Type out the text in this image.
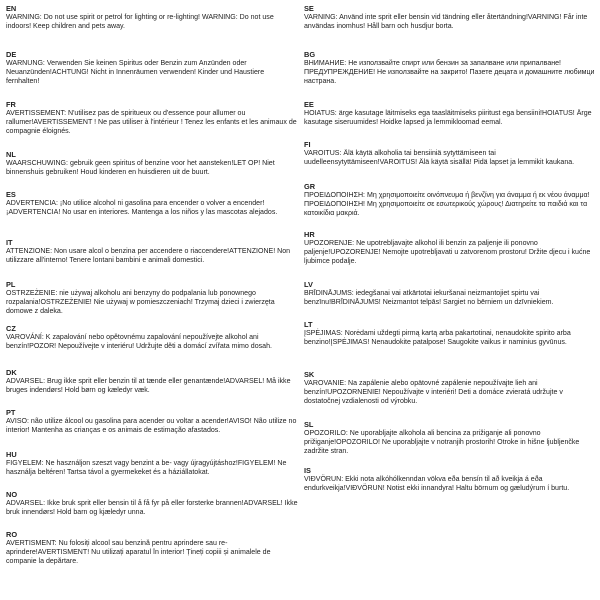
EN

WARNING: Do not use spirit or petrol for lighting or re-lighting! WARNING: Do not use indoors! Keep children and pets away.

DE

WARNUNG: Verwenden Sie keinen Spiritus oder Benzin zum Anzünden oder Neuanzünden!ACHTUNG! Nicht in Innenräumen verwenden! Kinder und Haustiere fernhalten!

FR

AVERTISSEMENT: N'utilisez pas de spiritueux ou d'essence pour allumer ou rallumer!AVERTISSEMENT ! Ne pas utiliser à l'intérieur ! Tenez les enfants et les animaux de compagnie éloignés.

NL

WAARSCHUWING: gebruik geen spiritus of benzine voor het aansteken!LET OP! Niet binnenshuis gebruiken! Houd kinderen en huisdieren uit de buurt.

ES

ADVERTENCIA: ¡No utilice alcohol ni gasolina para encender o volver a encender!¡ADVERTENCIA! No usar en interiores. Mantenga a los niños y las mascotas alejados.

IT

ATTENZIONE: Non usare alcol o benzina per accendere o riaccendere!ATTENZIONE! Non utilizzare all'interno! Tenere lontani bambini e animali domestici.

PL

OSTRZEŻENIE: nie używaj alkoholu ani benzyny do podpalania lub ponownego rozpalania!OSTRZEŻENIE! Nie używaj w pomieszczeniach! Trzymaj dzieci i zwierzęta domowe z daleka.

CZ

VAROVÁNÍ: K zapalování nebo opětovnému zapalování nepoužívejte alkohol ani benzín!POZOR! Nepoužívejte v interiéru! Udržujte děti a domácí zvířata mimo dosah.

DK

ADVARSEL: Brug ikke sprit eller benzin til at tænde eller genantænde!ADVARSEL! Må ikke bruges indendørs! Hold børn og kæledyr væk.

PT

AVISO: não utilize álcool ou gasolina para acender ou voltar a acender!AVISO! Não utilize no interior! Mantenha as crianças e os animais de estimação afastados.

HU

FIGYELEM: Ne használjon szeszt vagy benzint a be- vagy újragyújtáshoz!FIGYELEM! Ne használja beltéren! Tartsa távol a gyermekeket és a háziállatokat.

NO

ADVARSEL: Ikke bruk sprit eller bensin til å få fyr på eller forsterke brannen!ADVARSEL! Ikke bruk innendørs! Hold barn og kjæledyr unna.

RO

AVERTISMENT: Nu folosiți alcool sau benzină pentru aprindere sau re-aprindere!AVERTISMENT! Nu utilizați aparatul în interior! Țineți copiii și animalele de companie la depărtare.

SE

VARNING: Använd inte sprit eller bensin vid tändning eller återtändning!VARNING! Får inte användas inomhus! Håll barn och husdjur borta.

BG

ВНИМАНИЕ: Не използвайте спирт или бензин за запалване или припалване!ПРЕДУПРЕЖДЕНИЕ! Не използвайте на закрито! Пазете децата и домашните любимци настрана.

EE

HOIATUS: ärge kasutage läitmiseks ega taasläitmiseks piiritust ega bensiini!HOIATUS! Ärge kasutage siseruumides! Hoidke lapsed ja lemmikloomad eemal.

FI

VAROITUS: Älä käytä alkoholia tai bensiiniä sytyttämiseen tai uudelleensytyttämiseen!VAROITUS! Älä käytä sisällä! Pidä lapset ja lemmikit kaukana.

GR

ΠΡΟΕΙΔΟΠΟΙΗΣΗ: Μη χρησιμοποιείτε οινόπνευμα ή βενζίνη για άναμμα ή εκ νέου άναμμα!ΠΡΟΕΙΔΟΠΟΙΗΣΗ! Μη χρησιμοποιείτε σε εσωτερικούς χώρους! Διατηρείτε τα παιδιά και τα κατοικίδια μακριά.

HR

UPOZORENJE: Ne upotrebljavajte alkohol ili benzin za paljenje ili ponovno paljenje!UPOZORENJE! Nemojte upotrebljavati u zatvorenom prostoru! Držite djecu i kućne ljubimce podalje.

LV

BRĪDINĀJUMS: iedegšanai vai atkārtotai iekuršanai neizmantojiet spirtu vai benzīnu!BRĪDINĀJUMS! Neizmantot telpās! Sargiet no bērniem un dzīvniekiem.

LT

ĮSPĖJIMAS: Norėdami uždegti pirmą kartą arba pakartotinai, nenaudokite spirito arba benzino!ĮSPĖJIMAS! Nenaudokite patalpose! Saugokite vaikus ir naminius gyvūnus.

SK

VAROVANIE: Na zapálenie alebo opätovné zapálenie nepoužívajte lieh ani benzín!UPOZORNENIE! Nepoužívajte v interiéri! Deti a domáce zvieratá udržujte v dostatočnej vzdialenosti od výrobku.

SL

OPOZORILO: Ne uporabljajte alkohola ali bencina za prižiganje ali ponovno prižiganje!OPOZORILO! Ne uporabljajte v notranjih prostorih! Otroke in hišne ljubljenčke zadržite stran.

IS

VIÐVÖRUN: Ekki nota alkóhólkenndan vökva eða bensín til að kveikja á eða endurkveikja!VIÐVÖRUN! Notist ekki innandyra! Haltu börnum og gæludýrum í burtu.
